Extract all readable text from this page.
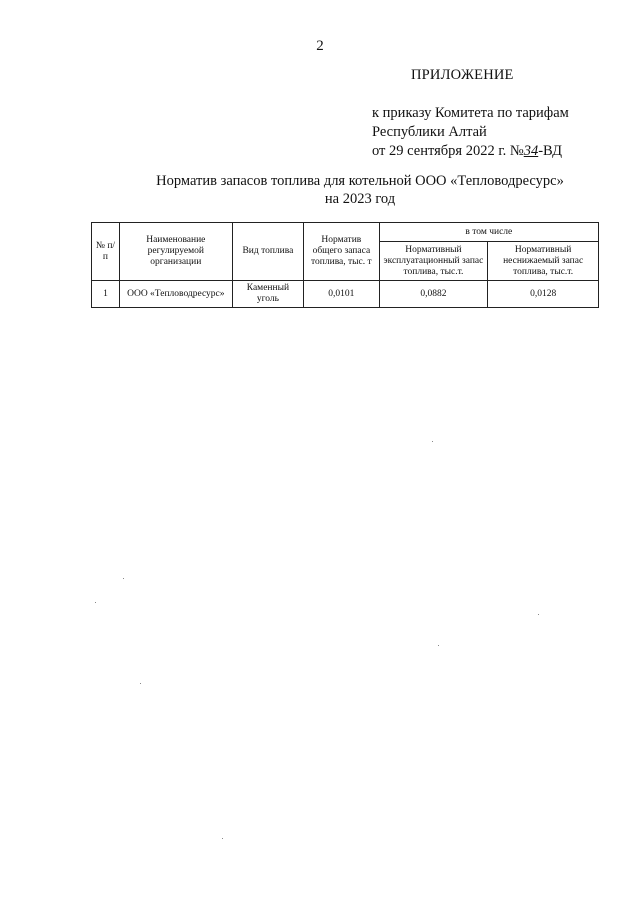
2
ПРИЛОЖЕНИЕ
к приказу Комитета по тарифам
Республики Алтай
от 29 сентября 2022 г. №34-ВД
Норматив запасов топлива для котельной ООО «Тепловодресурс»
на 2023 год
№ п/п	Наименование регулируемой организации	Вид топлива	Норматив общего запаса топлива, тыс. т	в том числе	
				Нормативный эксплуатационный запас топлива, тыс.т.	Нормативный неснижаемый запас топлива, тыс.т.
1	ООО «Тепловодресурс»	Каменный уголь	0,0101	0,0882	0,0128
